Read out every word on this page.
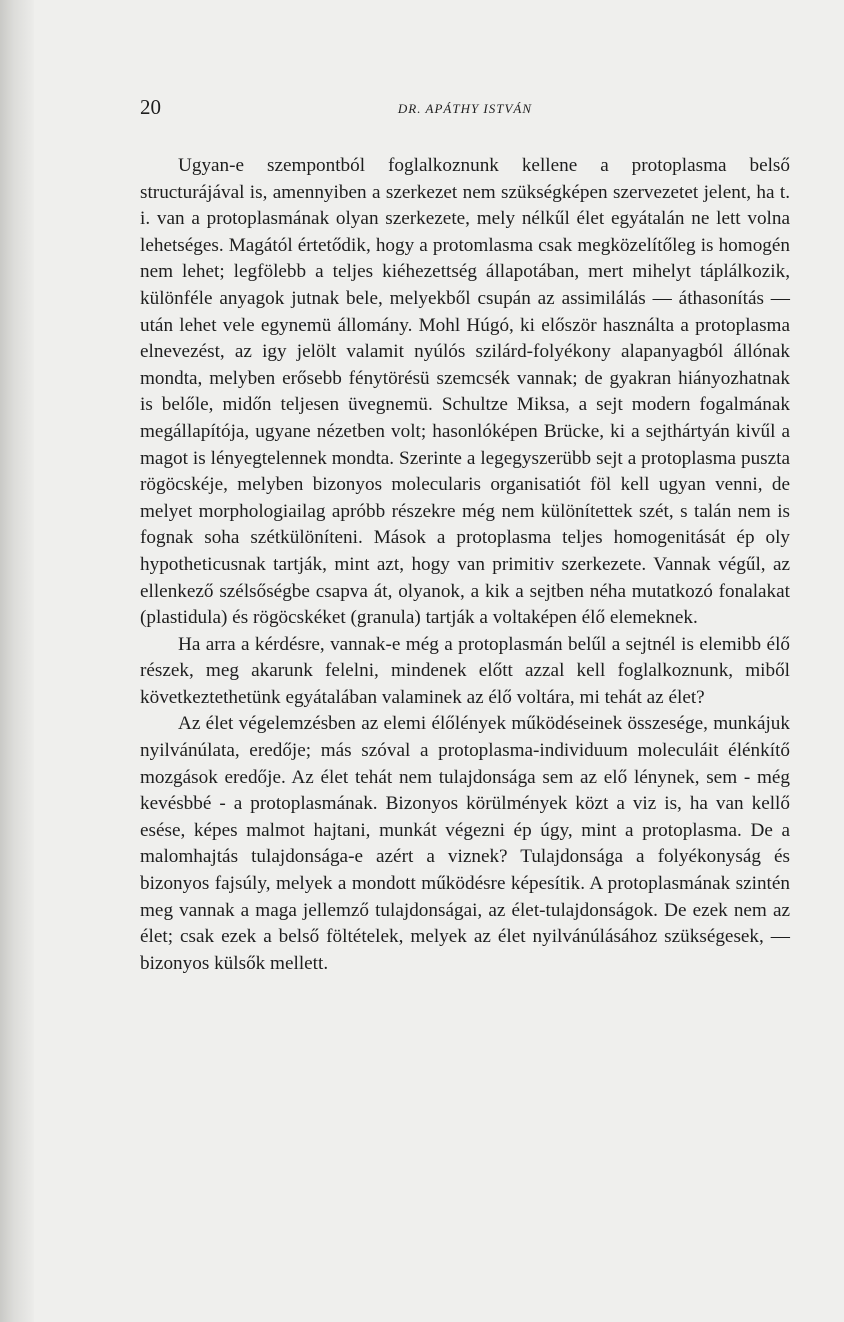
20	DR. APÁTHY ISTVÁN

Ugyan-e szempontból foglalkoznunk kellene a protoplasma belső structurájával is, amennyiben a szerkezet nem szükségképen szervezetet jelent, ha t. i. van a protoplasmának olyan szerkezete, mely nélkűl élet egyátalán ne lett volna lehetséges. Magától értetődik, hogy a protomlasma csak megközelítőleg is homogén nem lehet; legfölebb a teljes kiéhezettség állapotában, mert mihelyt táplálkozik, különféle anyagok jutnak bele, melyekből csupán az assimilálás — áthasonítás — után lehet vele egynemü állomány. Mohl Húgó, ki először használta a protoplasma elnevezést, az igy jelölt valamit nyúlós szilárd-folyékony alapanyagból állónak mondta, melyben erősebb fénytörésü szemcsék vannak; de gyakran hiányozhatnak is belőle, midőn teljesen üvegnemü. Schultze Miksa, a sejt modern fogalmának megállapítója, ugyane nézetben volt; hasonlóképen Brücke, ki a sejthártyán kivűl a magot is lényegtelennek mondta. Szerinte a legegyszerübb sejt a protoplasma puszta rögöcskéje, melyben bizonyos molecularis organisatiót föl kell ugyan venni, de melyet morphologiailag apróbb részekre még nem különítettek szét, s talán nem is fognak soha szétkülöníteni. Mások a protoplasma teljes homogenitását ép oly hypotheticusnak tartják, mint azt, hogy van primitiv szerkezete. Vannak végűl, az ellenkező szélsőségbe csapva át, olyanok, a kik a sejtben néha mutatkozó fonalakat (plastidula) és rögöcskéket (granula) tartják a voltaképen élő elemeknek.

Ha arra a kérdésre, vannak-e még a protoplasmán belűl a sejtnél is elemibb élő részek, meg akarunk felelni, mindenek előtt azzal kell foglalkoznunk, miből következtethetünk egyátalában valaminek az élő voltára, mi tehát az élet?

Az élet végelemzésben az elemi élőlények működéseinek összesége, munkájuk nyilvánúlata, eredője; más szóval a protoplasma-individuum moleculáit élénkítő mozgások eredője. Az élet tehát nem tulajdonsága sem az elő lénynek, sem - még kevésbbé - a protoplasmának. Bizonyos körülmények közt a viz is, ha van kellő esése, képes malmot hajtani, munkát végezni ép úgy, mint a protoplasma. De a malomhajtás tulajdonsága-e azért a viznek? Tulajdonsága a folyékonyság és bizonyos fajsúly, melyek a mondott működésre képesítik. A protoplasmának szintén meg vannak a maga jellemző tulajdonságai, az élet-tulajdonságok. De ezek nem az élet; csak ezek a belső föltételek, melyek az élet nyilvánúlásához szükségesek, — bizonyos külsők mellett.
